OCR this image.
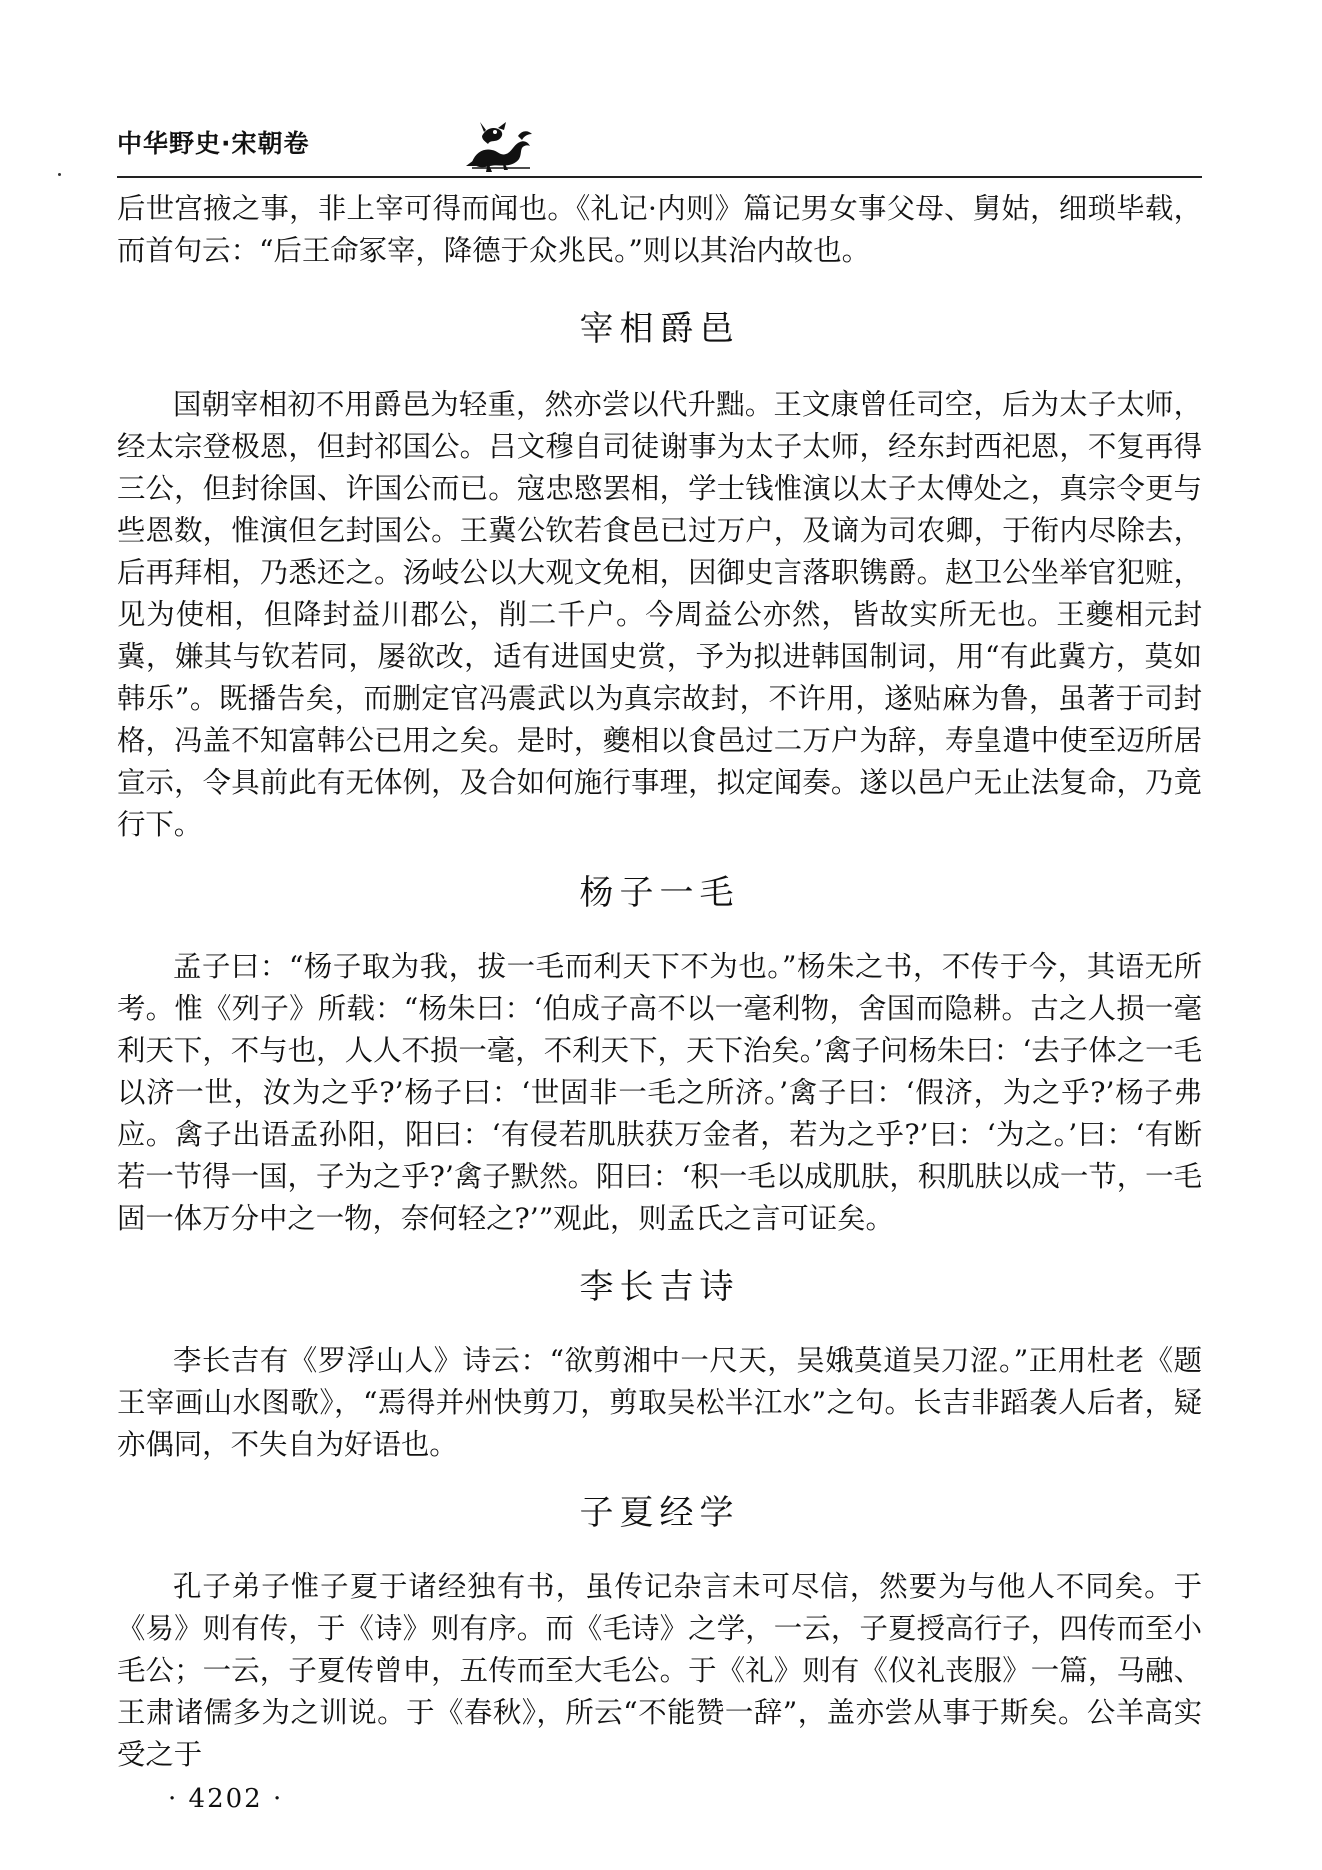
中华野史·宋朝卷

后世宫掖之事，非上宰可得而闻也。《礼记·内则》篇记男女事父母、舅姑，细琐毕载，而首句云：“后王命冢宰，降德于众兆民。”则以其治内故也。

宰相爵邑

国朝宰相初不用爵邑为轻重，然亦尝以代升黜。王文康曾任司空，后为太子太师，经太宗登极恩，但封祁国公。吕文穆自司徒谢事为太子太师，经东封西祀恩，不复再得三公，但封徐国、许国公而已。寇忠愍罢相，学士钱惟演以太子太傅处之，真宗令更与些恩数，惟演但乞封国公。王冀公钦若食邑已过万户，及谪为司农卿，于衔内尽除去，后再拜相，乃悉还之。汤岐公以大观文免相，因御史言落职镌爵。赵卫公坐举官犯赃，见为使相，但降封益川郡公，削二千户。今周益公亦然，皆故实所无也。王夔相元封冀，嫌其与钦若同，屡欲改，适有进国史赏，予为拟进韩国制词，用“有此冀方，莫如韩乐”。既播告矣，而删定官冯震武以为真宗故封，不许用，遂贴麻为鲁，虽著于司封格，冯盖不知富韩公已用之矣。是时，夔相以食邑过二万户为辞，寿皇遣中使至迈所居宣示，令具前此有无体例，及合如何施行事理，拟定闻奏。遂以邑户无止法复命，乃竟行下。

杨子一毛

孟子曰：“杨子取为我，拔一毛而利天下不为也。”杨朱之书，不传于今，其语无所考。惟《列子》所载：“杨朱曰：‘伯成子高不以一毫利物，舍国而隐耕。古之人损一毫利天下，不与也，人人不损一毫，不利天下，天下治矣。’禽子问杨朱曰：‘去子体之一毛以济一世，汝为之乎?’杨子曰：‘世固非一毛之所济。’禽子曰：‘假济，为之乎?’杨子弗应。禽子出语孟孙阳，阳曰：‘有侵若肌肤获万金者，若为之乎?’曰：‘为之。’曰：‘有断若一节得一国，子为之乎?’禽子默然。阳曰：‘积一毛以成肌肤，积肌肤以成一节，一毛固一体万分中之一物，奈何轻之?’”观此，则孟氏之言可证矣。

李长吉诗

李长吉有《罗浮山人》诗云：“欲剪湘中一尺天，吴娥莫道吴刀涩。”正用杜老《题王宰画山水图歌》，“焉得并州快剪刀，剪取吴松半江水”之句。长吉非蹈袭人后者，疑亦偶同，不失自为好语也。

子夏经学

孔子弟子惟子夏于诸经独有书，虽传记杂言未可尽信，然要为与他人不同矣。于《易》则有传，于《诗》则有序。而《毛诗》之学，一云，子夏授高行子，四传而至小毛公；一云，子夏传曾申，五传而至大毛公。于《礼》则有《仪礼丧服》一篇，马融、王肃诸儒多为之训说。于《春秋》，所云“不能赞一辞”，盖亦尝从事于斯矣。公羊高实受之于

· 4202 ·
